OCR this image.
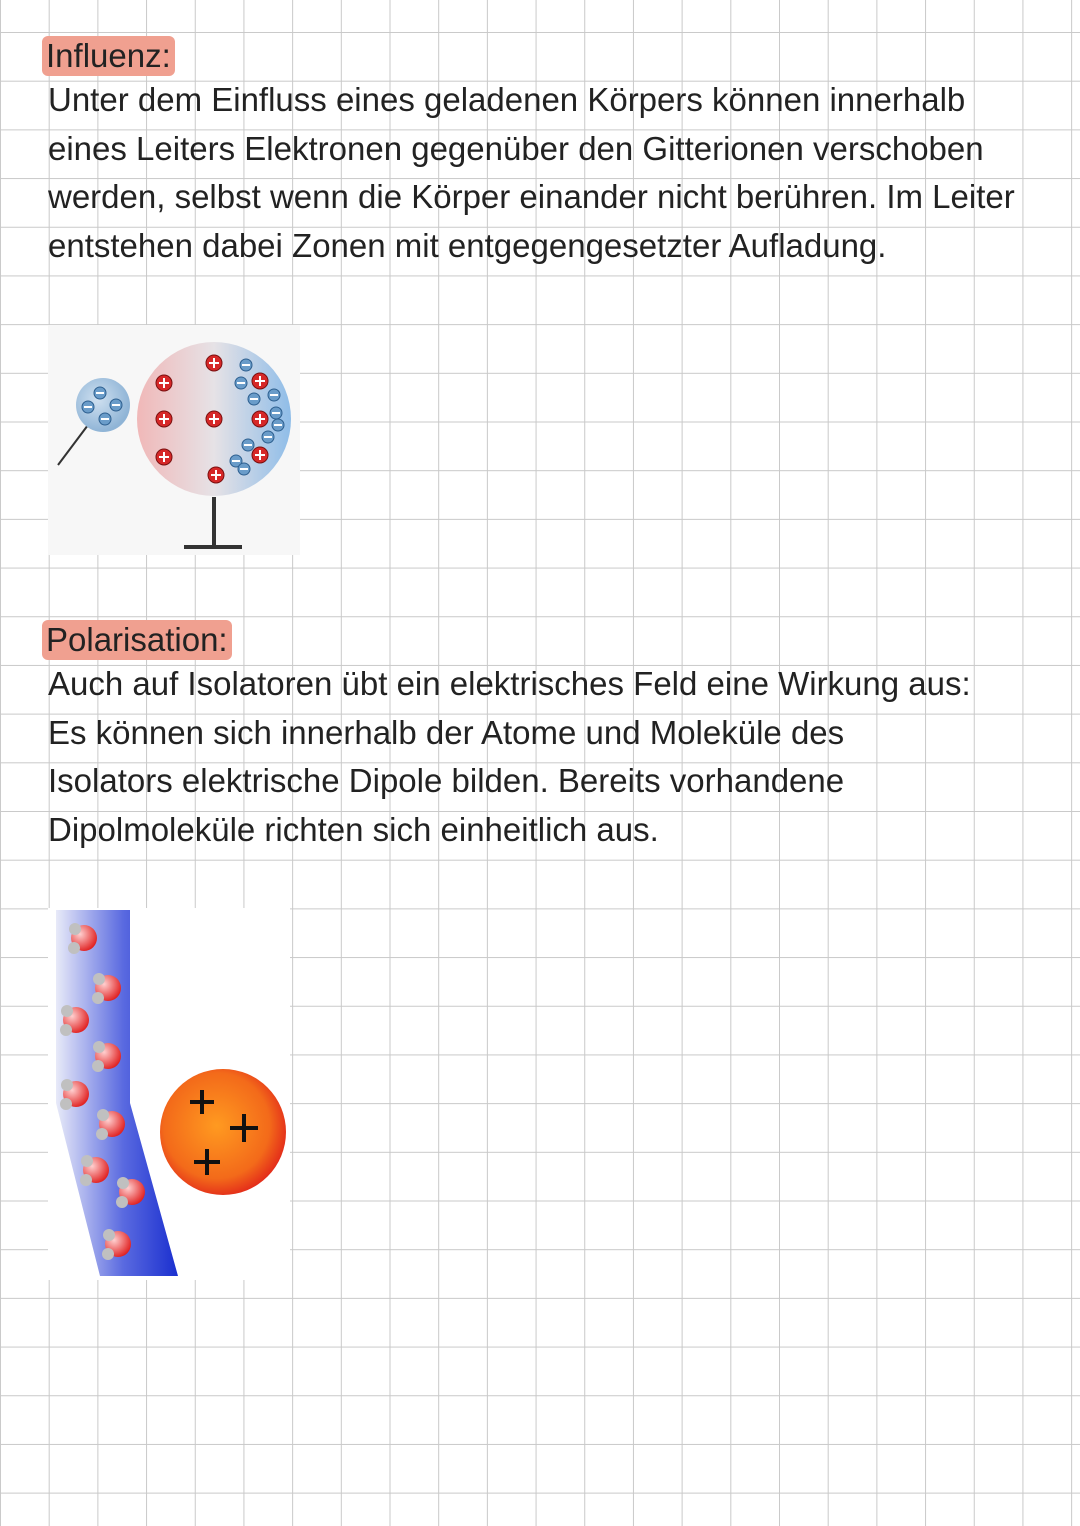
Influenz:

Unter dem Einfluss eines geladenen Körpers können innerhalb eines Leiters Elektronen gegenüber den Gitterionen verschoben werden, selbst wenn die Körper einander nicht berühren. Im Leiter entstehen dabei Zonen mit entgegengesetzter Aufladung.

Polarisation:

Auch auf Isolatoren übt ein elektrisches Feld eine Wirkung aus:

Es können sich innerhalb der Atome und Moleküle des Isolators elektrische Dipole bilden. Bereits vorhandene Dipolmoleküle richten sich einheitlich aus.
